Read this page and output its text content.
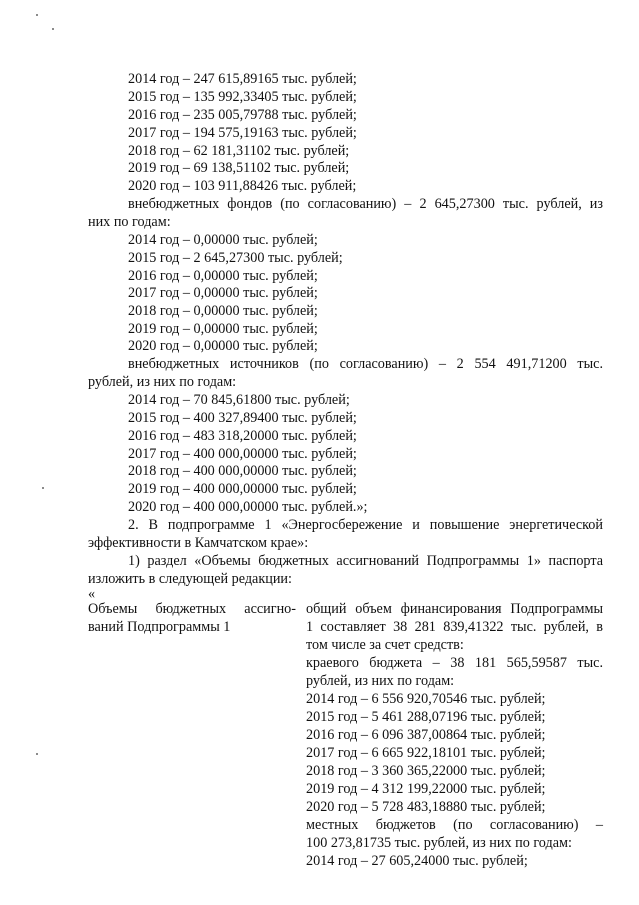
2014 год – 247 615,89165 тыс. рублей;
2015 год – 135 992,33405 тыс. рублей;
2016 год – 235 005,79788 тыс. рублей;
2017 год – 194 575,19163 тыс. рублей;
2018 год – 62 181,31102 тыс. рублей;
2019 год – 69 138,51102 тыс. рублей;
2020 год – 103 911,88426 тыс. рублей;
внебюджетных фондов (по согласованию) – 2 645,27300 тыс. рублей, из
них по годам:
2014 год – 0,00000 тыс. рублей;
2015 год – 2 645,27300 тыс. рублей;
2016 год – 0,00000 тыс. рублей;
2017 год – 0,00000 тыс. рублей;
2018 год – 0,00000 тыс. рублей;
2019 год – 0,00000 тыс. рублей;
2020 год – 0,00000 тыс. рублей;
внебюджетных источников (по согласованию) – 2 554 491,71200 тыс.
рублей, из них по годам:
2014 год – 70 845,61800 тыс. рублей;
2015 год – 400 327,89400 тыс. рублей;
2016 год – 483 318,20000 тыс. рублей;
2017 год – 400 000,00000 тыс. рублей;
2018 год – 400 000,00000 тыс. рублей;
2019 год – 400 000,00000 тыс. рублей;
2020 год – 400 000,00000 тыс. рублей.»;
2. В подпрограмме 1 «Энергосбережение и повышение энергетической
эффективности в Камчатском крае»:
1) раздел «Объемы бюджетных ассигнований Подпрограммы 1» паспорта
изложить в следующей редакции:
«
Объемы бюджетных ассигно-
ваний Подпрограммы 1
общий объем финансирования Подпрограммы
1 составляет 38 281 839,41322 тыс. рублей, в
том числе за счет средств:
краевого бюджета – 38 181 565,59587 тыс.
рублей, из них по годам:
2014 год – 6 556 920,70546 тыс. рублей;
2015 год – 5 461 288,07196 тыс. рублей;
2016 год – 6 096 387,00864 тыс. рублей;
2017 год – 6 665 922,18101 тыс. рублей;
2018 год – 3 360 365,22000 тыс. рублей;
2019 год – 4 312 199,22000 тыс. рублей;
2020 год – 5 728 483,18880 тыс. рублей;
местных бюджетов (по согласованию) –
100 273,81735 тыс. рублей, из них по годам:
2014 год – 27 605,24000 тыс. рублей;
